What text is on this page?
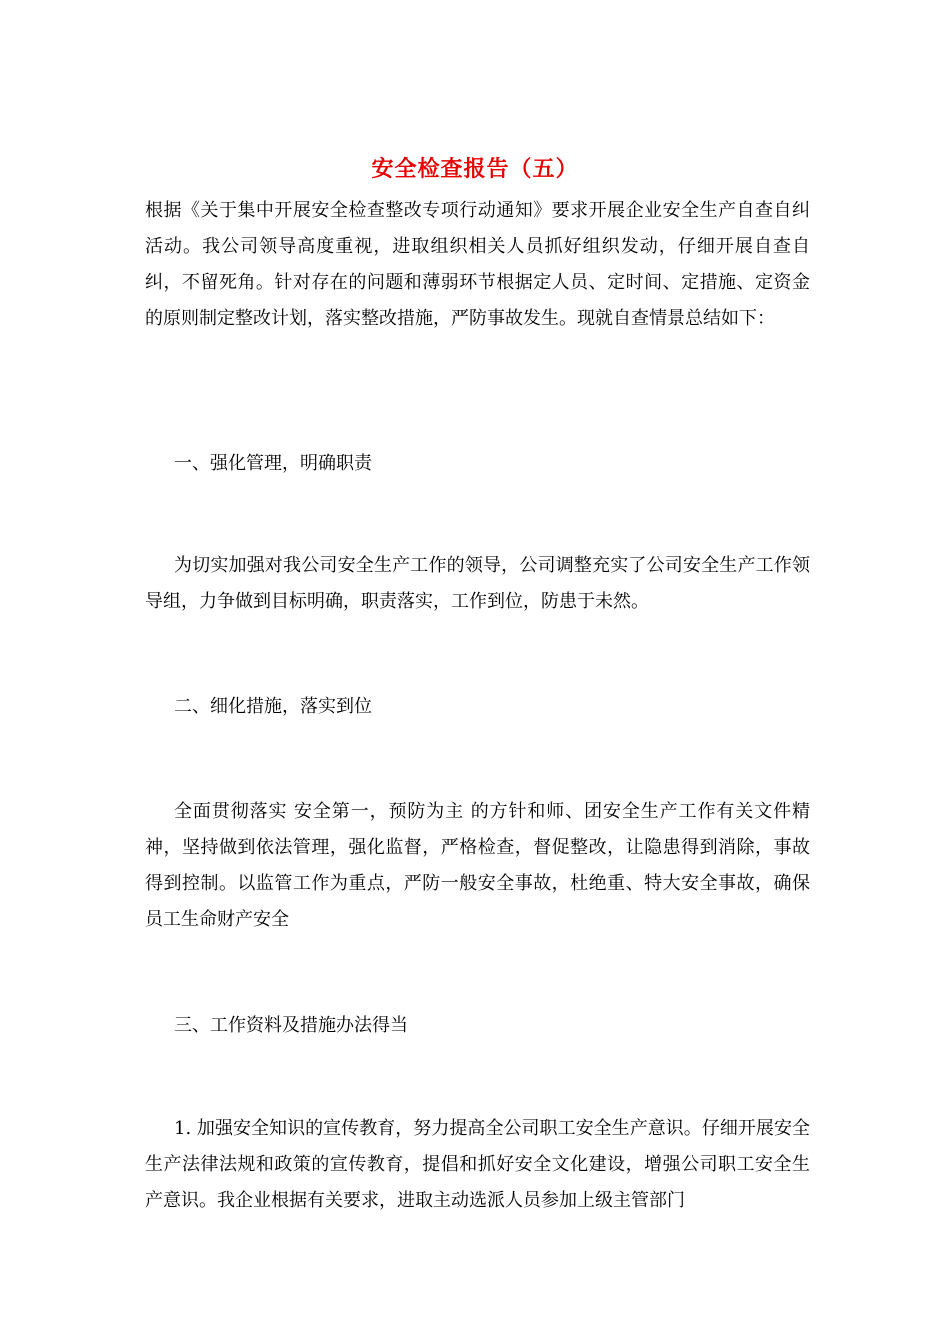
安全检查报告（五）

根据《关于集中开展安全检查整改专项行动通知》要求开展企业安全生产自查自纠活动。我公司领导高度重视，进取组织相关人员抓好组织发动，仔细开展自查自纠，不留死角。针对存在的问题和薄弱环节根据定人员、定时间、定措施、定资金的原则制定整改计划，落实整改措施，严防事故发生。现就自查情景总结如下：

一、强化管理，明确职责

为切实加强对我公司安全生产工作的领导，公司调整充实了公司安全生产工作领导组，力争做到目标明确，职责落实，工作到位，防患于未然。

二、细化措施，落实到位

全面贯彻落实 安全第一，预防为主 的方针和师、团安全生产工作有关文件精神，坚持做到依法管理，强化监督，严格检查，督促整改，让隐患得到消除，事故得到控制。以监管工作为重点，严防一般安全事故，杜绝重、特大安全事故，确保员工生命财产安全

三、工作资料及措施办法得当

1. 加强安全知识的宣传教育，努力提高全公司职工安全生产意识。仔细开展安全生产法律法规和政策的宣传教育，提倡和抓好安全文化建设，增强公司职工安全生产意识。我企业根据有关要求，进取主动选派人员参加上级主管部门
